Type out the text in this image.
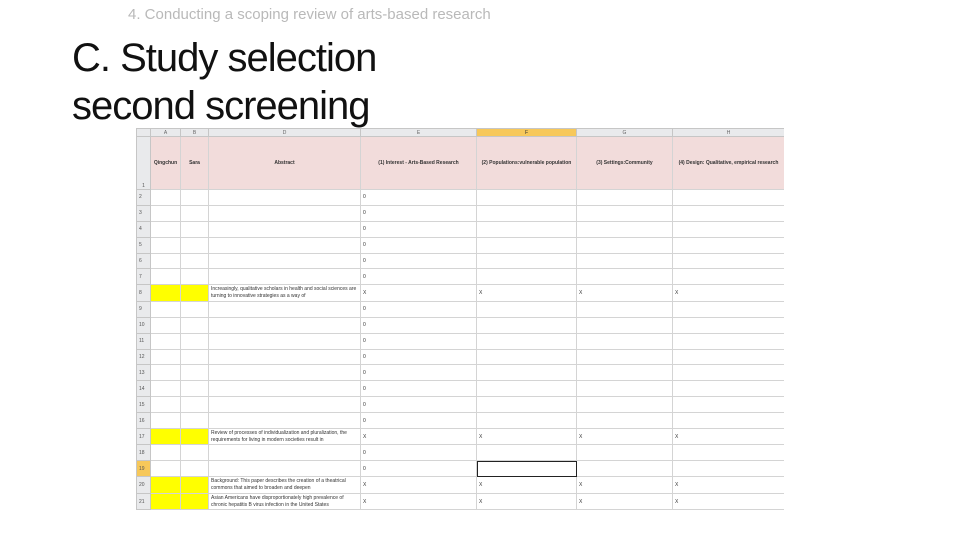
4. Conducting a scoping review of arts-based research
C. Study selection
second screening
	A	B	D	E	F	G	H
1	Qingchun	Sara	Abstract	(1) Interest - Arts-Based Research	(2) Populations:vulnerable population	(3) Settings:Community	(4) Design: Qualitative, empirical research
2				0			
3				0			
4				0			
5				0			
6				0			
7				0			
8			Increasingly, qualitative scholars in health and social sciences are turning to innovative strategies as a way of	X	X	X	X
9				0			
10				0			
11				0			
12				0			
13				0			
14				0			
15				0			
16				0			
17			Review of processes of individualization and pluralization, the requirements for living in modern societies result in	X	X	X	X
18				0			
19				0			
20			Background: This paper describes the creation of a theatrical commons that aimed to broaden and deepen	X	X	X	X
21			Asian Americans have disproportionately high prevalence of chronic hepatitis B virus infection in the United States	X	X	X	X
